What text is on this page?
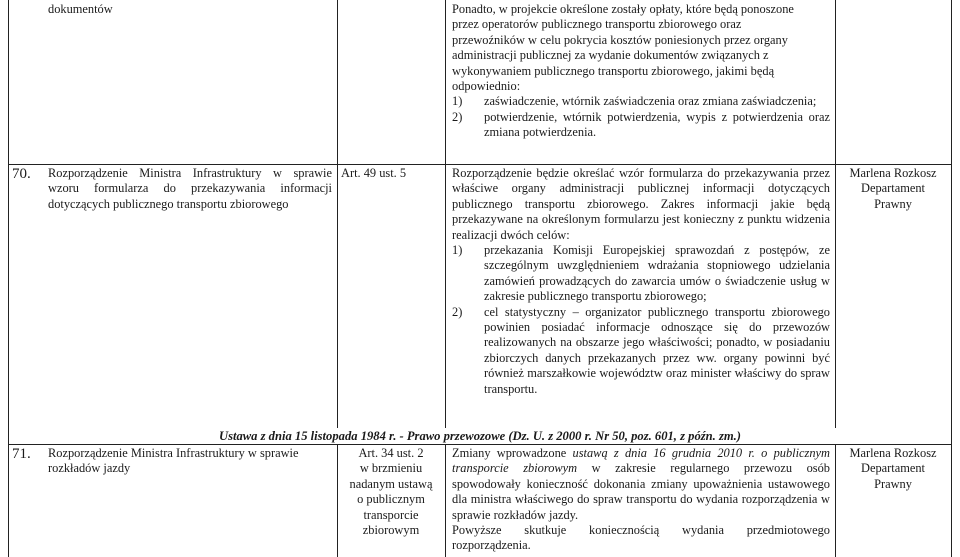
dokumentów	Ponadto, w projekcie określone zostały opłaty, które będą ponoszone
przez operatorów publicznego transportu zbiorowego oraz
przewoźników w celu pokrycia kosztów poniesionych przez organy
administracji publicznej za wydanie dokumentów związanych z
wykonywaniem publicznego transportu zbiorowego, jakimi będą
odpowiednio:
1) zaświadczenie, wtórnik zaświadczenia oraz zmiana zaświadczenia;
2) potwierdzenie, wtórnik potwierdzenia, wypis z potwierdzenia oraz zmiana potwierdzenia.
70. Rozporządzenie Ministra Infrastruktury w sprawie wzoru formularza do przekazywania informacji dotyczących publicznego transportu zbiorowego
Art. 49 ust. 5	Rozporządzenie będzie określać wzór formularza do przekazywania przez właściwe organy administracji publicznej informacji dotyczących publicznego transportu zbiorowego. Zakres informacji jakie będą przekazywane na określonym formularzu jest konieczny z punktu widzenia realizacji dwóch celów:
1) przekazania Komisji Europejskiej sprawozdań z postępów, ze szczególnym uwzględnieniem wdrażania stopniowego udzielania zamówień prowadzących do zawarcia umów o świadczenie usług w zakresie publicznego transportu zbiorowego;
2) cel statystyczny – organizator publicznego transportu zbiorowego powinien posiadać informacje odnoszące się do przewozów realizowanych na obszarze jego właściwości; ponadto, w posiadaniu zbiorczych danych przekazanych przez ww. organy powinni być również marszałkowie województw oraz minister właściwy do spraw transportu.
Marlena Rozkosz
Departament
Prawny
Ustawa z dnia 15 listopada 1984 r. - Prawo przewozowe (Dz. U. z 2000 r. Nr 50, poz. 601, z późn. zm.)
71. Rozporządzenie Ministra Infrastruktury w sprawie rozkładów jazdy
Art. 34 ust. 2
w brzmieniu
nadanym ustawą
o publicznym
transporcie
zbiorowym
Zmiany wprowadzone ustawą z dnia 16 grudnia 2010 r. o publicznym transporcie zbiorowym w zakresie regularnego przewozu osób spowodowały konieczność dokonania zmiany upoważnienia ustawowego dla ministra właściwego do spraw transportu do wydania rozporządzenia w sprawie rozkładów jazdy.
Powyższe skutkuje koniecznością wydania przedmiotowego rozporządzenia.
Marlena Rozkosz
Departament
Prawny
